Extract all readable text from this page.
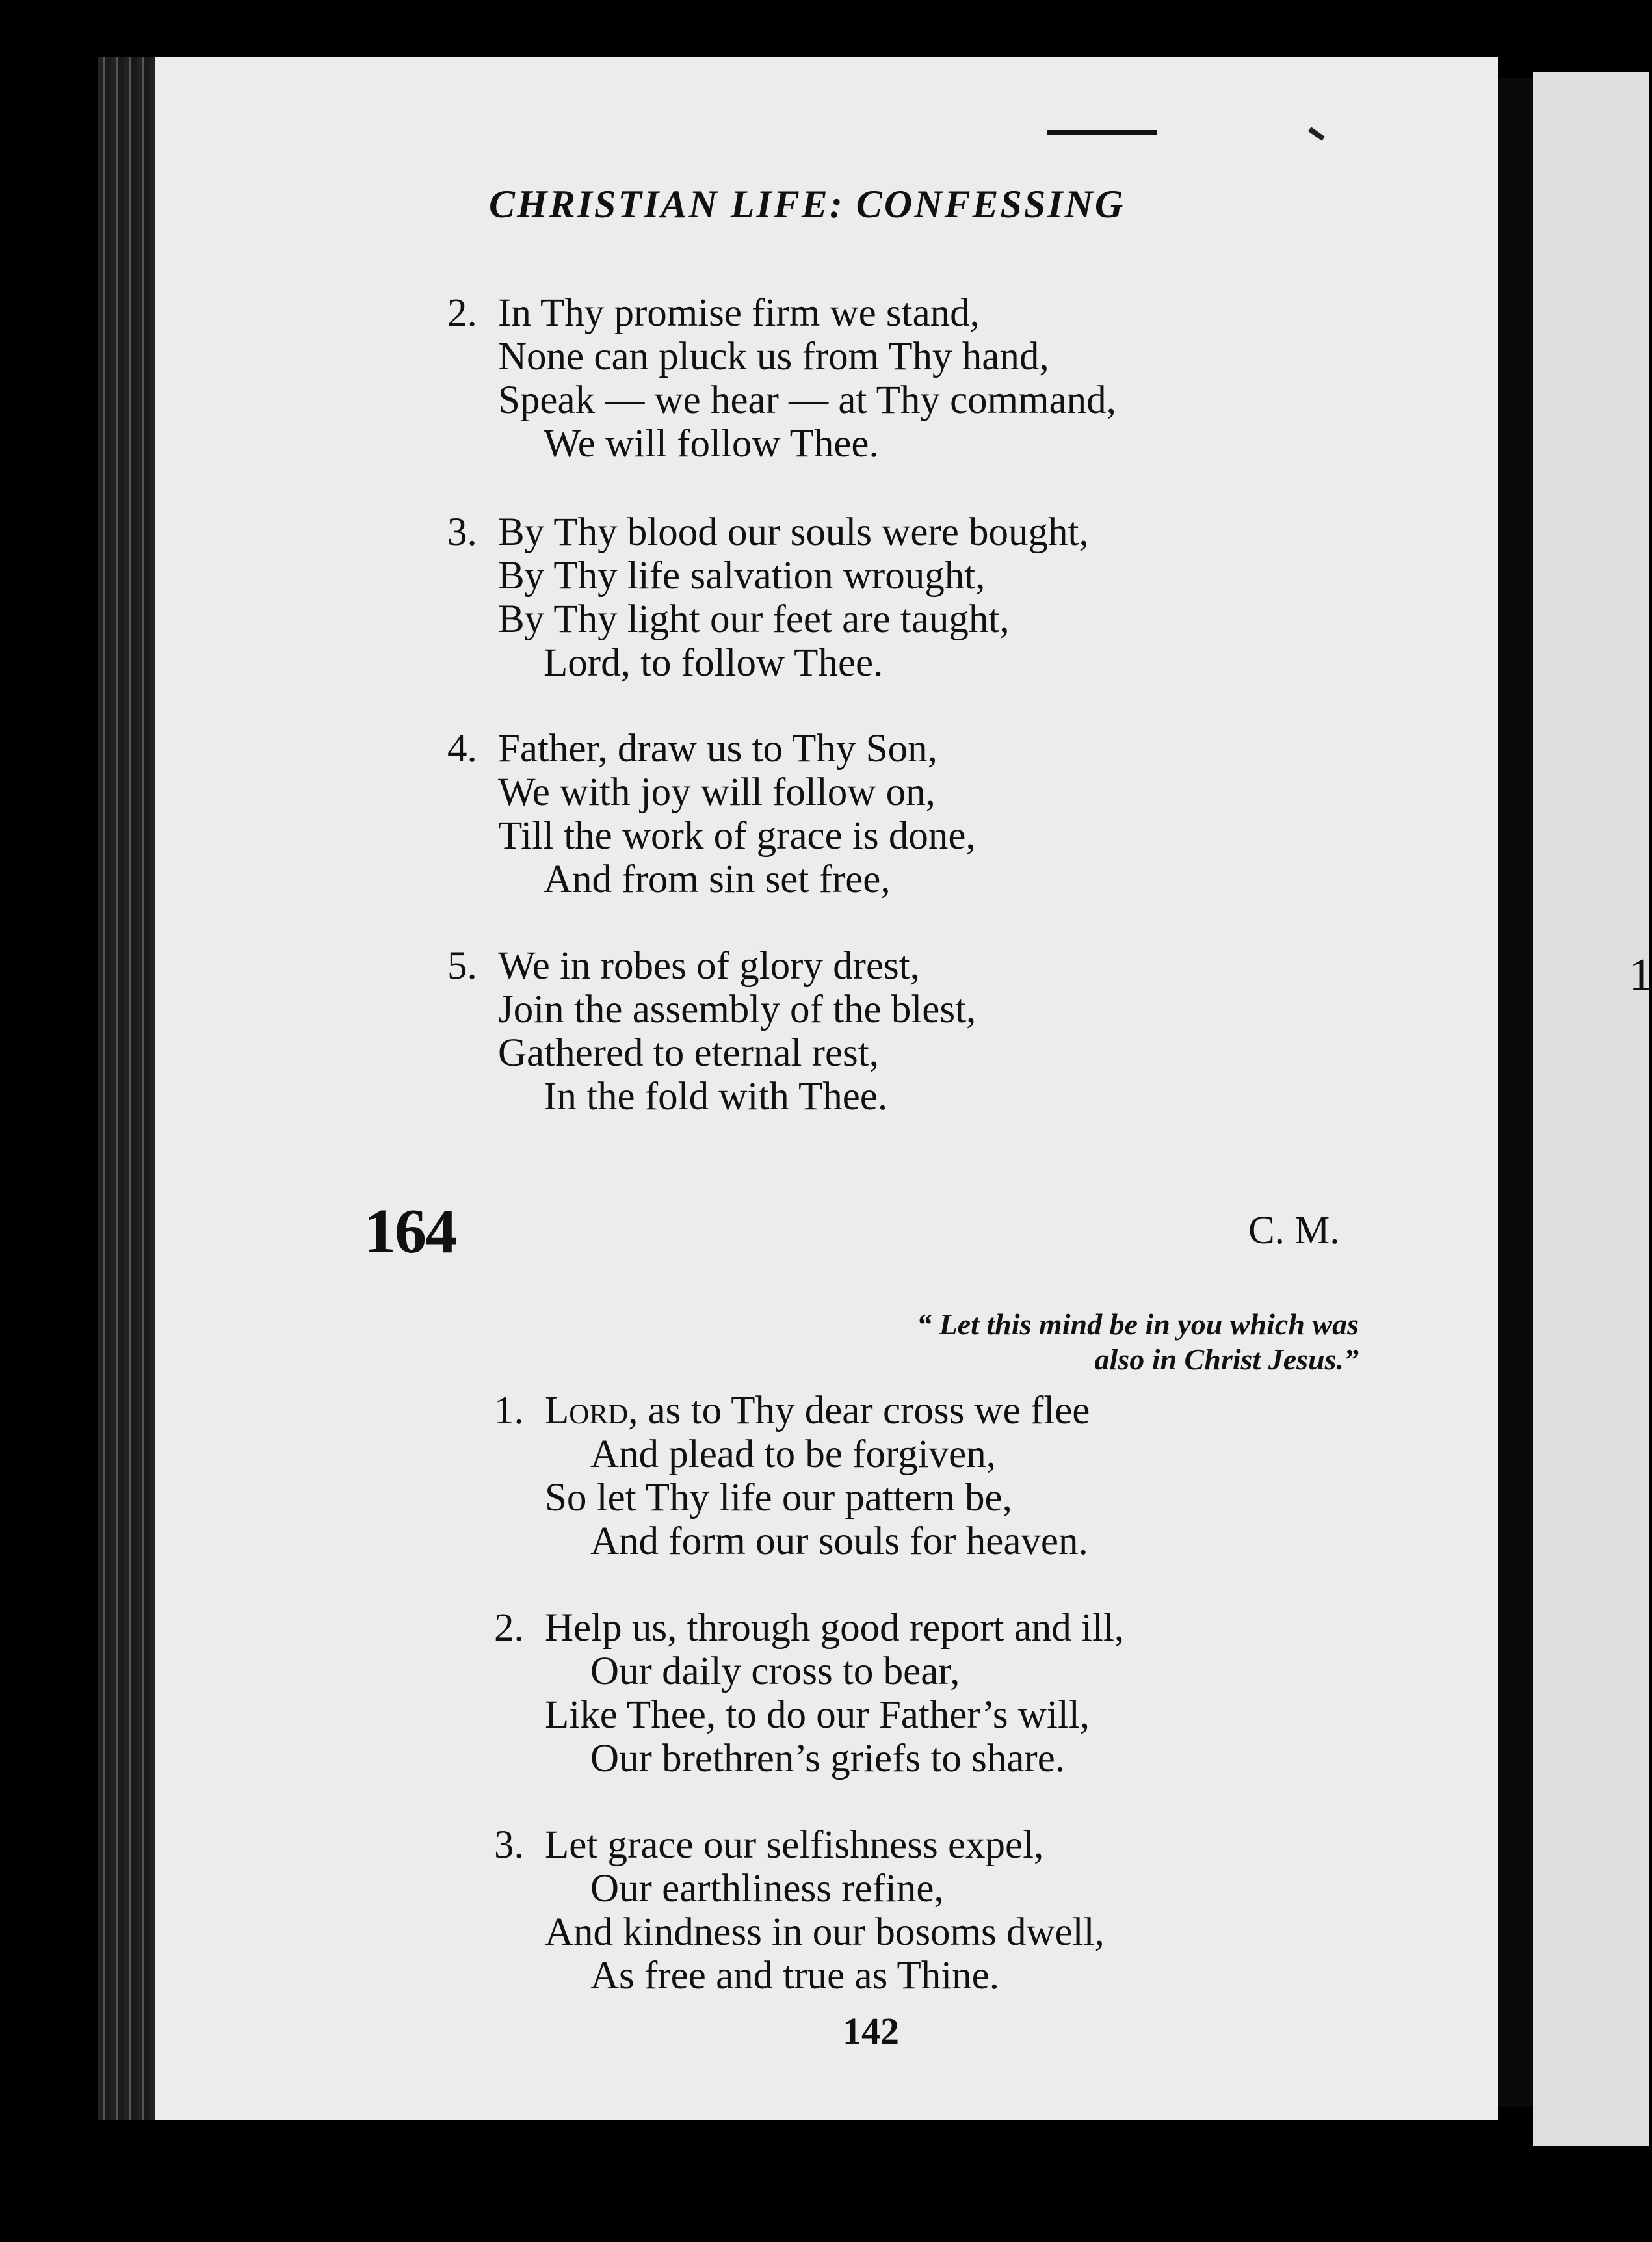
1
CHRISTIAN LIFE: CONFESSING
2. In Thy promise firm we stand,
None can pluck us from Thy hand,
Speak — we hear — at Thy command,
We will follow Thee.
3. By Thy blood our souls were bought,
By Thy life salvation wrought,
By Thy light our feet are taught,
Lord, to follow Thee.
4. Father, draw us to Thy Son,
We with joy will follow on,
Till the work of grace is done,
And from sin set free,
5. We in robes of glory drest,
Join the assembly of the blest,
Gathered to eternal rest,
In the fold with Thee.
164	C. M.
“ Let this mind be in you which was
also in Christ Jesus.”
1. Lord, as to Thy dear cross we flee
And plead to be forgiven,
So let Thy life our pattern be,
And form our souls for heaven.
2. Help us, through good report and ill,
Our daily cross to bear,
Like Thee, to do our Father’s will,
Our brethren’s griefs to share.
3. Let grace our selfishness expel,
Our earthliness refine,
And kindness in our bosoms dwell,
As free and true as Thine.
142
